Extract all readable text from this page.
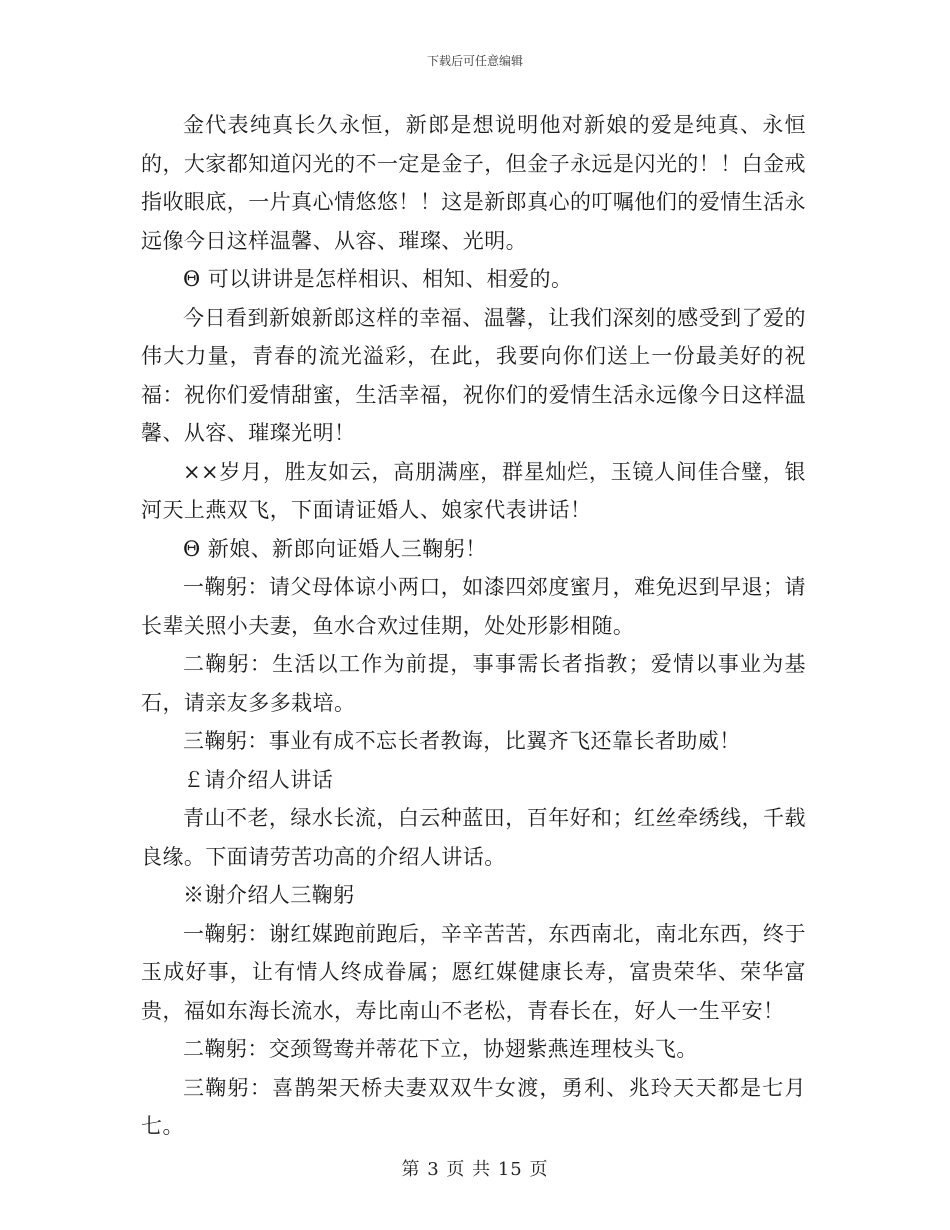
下载后可任意编辑

金代表纯真长久永恒，新郎是想说明他对新娘的爱是纯真、永恒的，大家都知道闪光的不一定是金子，但金子永远是闪光的！！白金戒指收眼底，一片真心情悠悠！！这是新郎真心的叮嘱他们的爱情生活永远像今日这样温馨、从容、璀璨、光明。

Θ 可以讲讲是怎样相识、相知、相爱的。

今日看到新娘新郎这样的幸福、温馨，让我们深刻的感受到了爱的伟大力量，青春的流光溢彩，在此，我要向你们送上一份最美好的祝福：祝你们爱情甜蜜，生活幸福，祝你们的爱情生活永远像今日这样温馨、从容、璀璨光明！

××岁月，胜友如云，高朋满座，群星灿烂，玉镜人间佳合璧，银河天上燕双飞，下面请证婚人、娘家代表讲话！

Θ 新娘、新郎向证婚人三鞠躬！

一鞠躬：请父母体谅小两口，如漆四郊度蜜月，难免迟到早退；请长辈关照小夫妻，鱼水合欢过佳期，处处形影相随。

二鞠躬：生活以工作为前提，事事需长者指教；爱情以事业为基石，请亲友多多栽培。

三鞠躬：事业有成不忘长者教诲，比翼齐飞还靠长者助威！

￡请介绍人讲话

青山不老，绿水长流，白云种蓝田，百年好和；红丝牵绣线，千载良缘。下面请劳苦功高的介绍人讲话。

※谢介绍人三鞠躬

一鞠躬：谢红媒跑前跑后，辛辛苦苦，东西南北，南北东西，终于玉成好事，让有情人终成眷属；愿红媒健康长寿，富贵荣华、荣华富贵，福如东海长流水，寿比南山不老松，青春长在，好人一生平安！

二鞠躬：交颈鸳鸯并蒂花下立，协翅紫燕连理枝头飞。

三鞠躬：喜鹊架天桥夫妻双双牛女渡，勇利、兆玲天天都是七月七。

第 3 页 共 15 页
